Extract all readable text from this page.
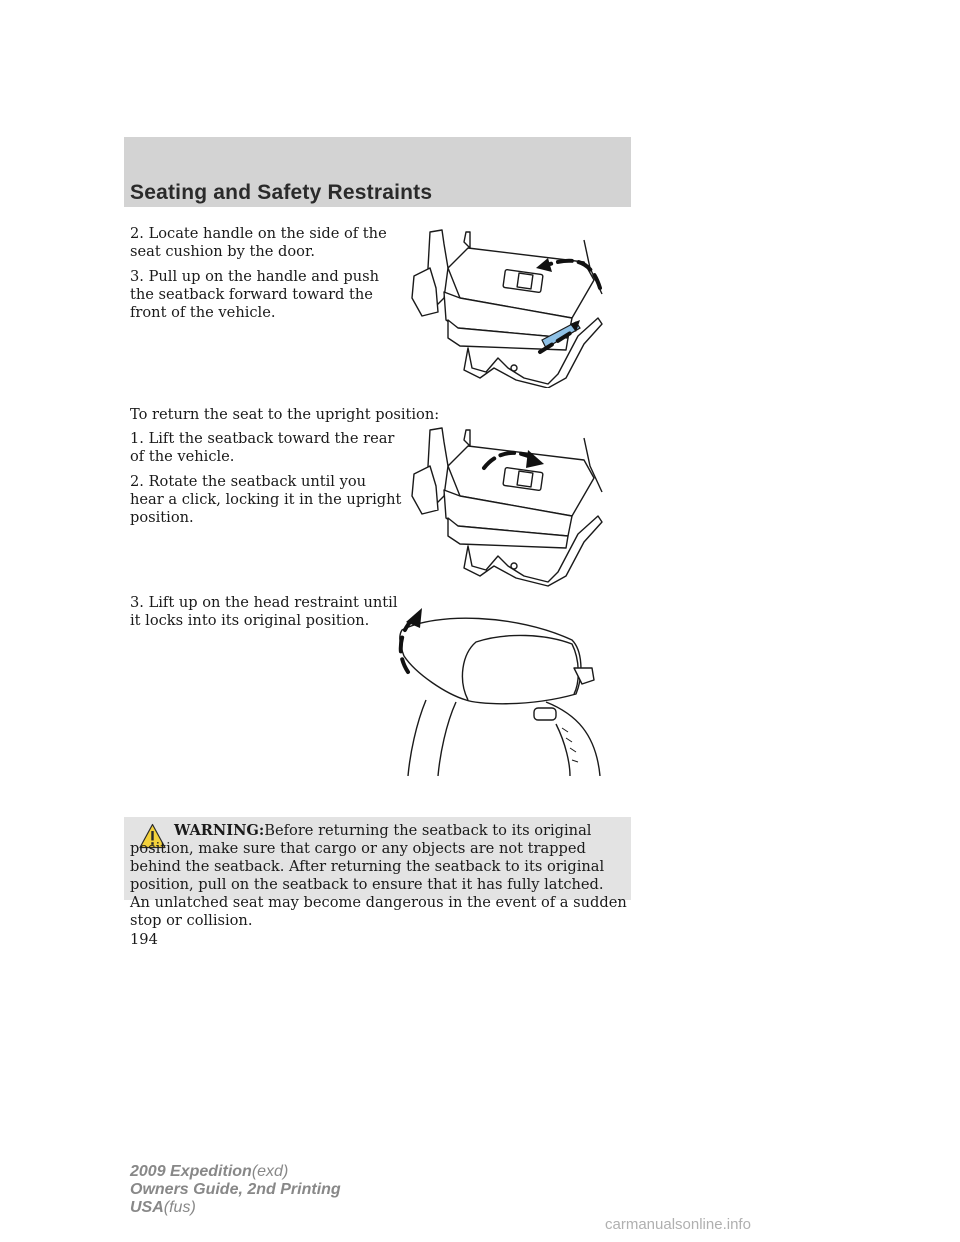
Seating and Safety Restraints

2. Locate handle on the side of the
seat cushion by the door.

3. Pull up on the handle and push
the seatback forward toward the
front of the vehicle.

To return the seat to the upright position:

1. Lift the seatback toward the rear
of the vehicle.

2. Rotate the seatback until you
hear a click, locking it in the upright
position.

3. Lift up on the head restraint until
it locks into its original position.

WARNING:Before returning the seatback to its original position, make sure that cargo or any objects are not trapped behind the seatback. After returning the seatback to its original position, pull on the seatback to ensure that it has fully latched. An unlatched seat may become dangerous in the event of a sudden stop or collision.

194

2009 Expedition(exd)
Owners Guide, 2nd Printing
USA(fus)

carmanualsonline.info
